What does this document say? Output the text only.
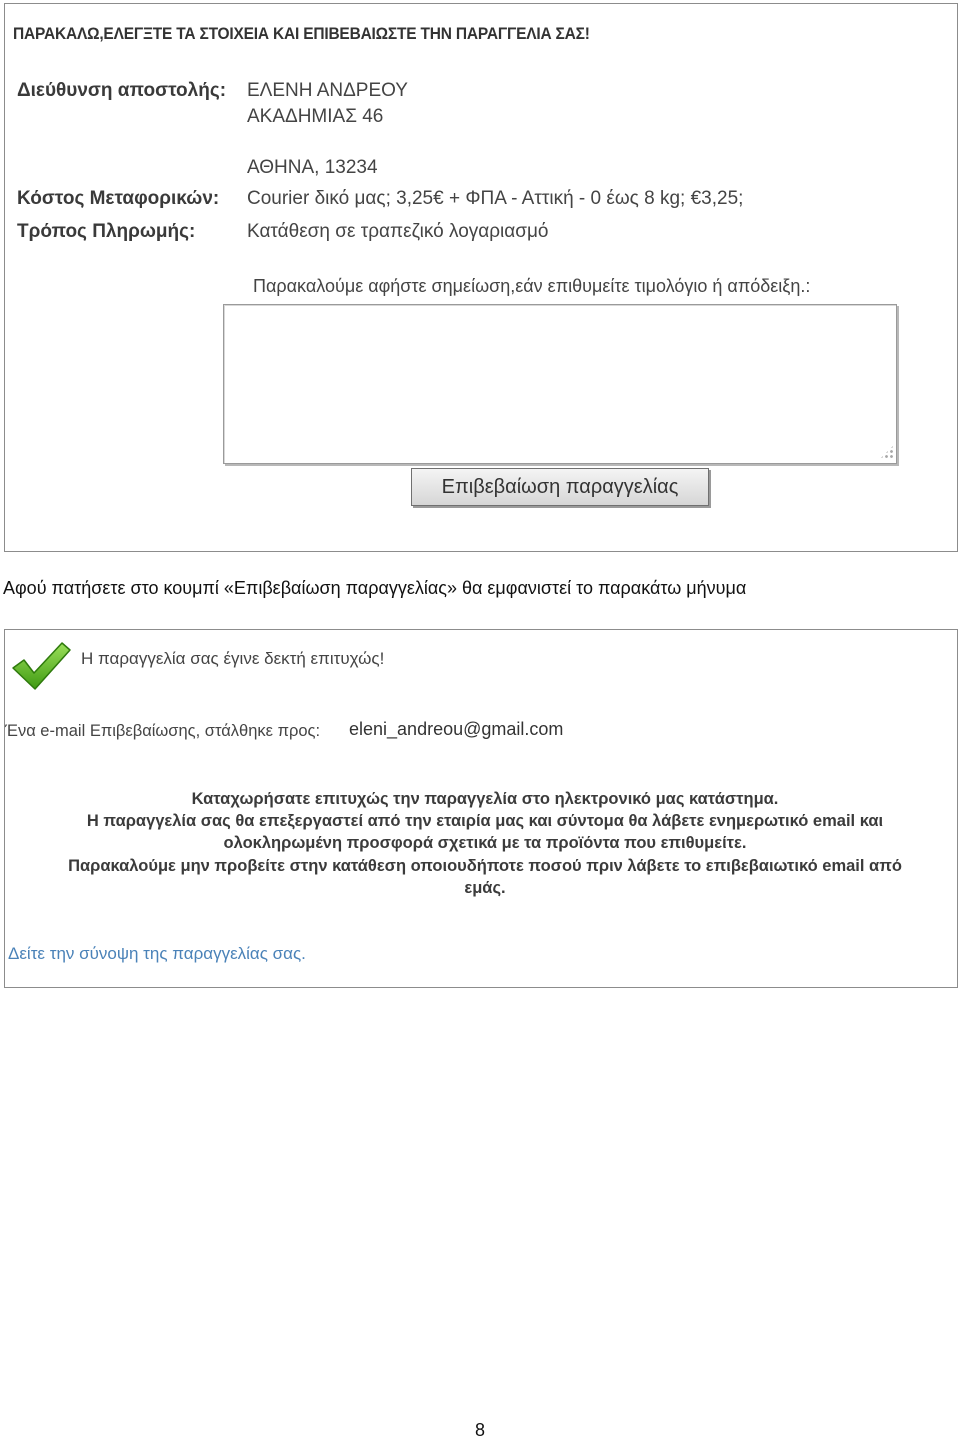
ΠΑΡΑΚΑΛΩ,ΕΛΕΓΞΤΕ ΤΑ ΣΤΟΙΧΕΙΑ ΚΑΙ ΕΠΙΒΕΒΑΙΩΣΤΕ ΤΗΝ ΠΑΡΑΓΓΕΛΙΑ ΣΑΣ!
Διεύθυνση αποστολής: ΕΛΕΝΗ ΑΝΔΡΕΟΥ
ΑΚΑΔΗΜΙΑΣ 46
ΑΘΗΝΑ, 13234
Κόστος Μεταφορικών: Courier δικό μας; 3,25€ + ΦΠΑ - Αττική - 0 έως 8 kg; €3,25;
Τρόπος Πληρωμής:	Κατάθεση σε τραπεζικό λογαριασμό
Παρακαλούμε αφήστε σημείωση,εάν επιθυμείτε τιμολόγιο ή απόδειξη.:
Επιβεβαίωση παραγγελίας
Αφού πατήσετε στο κουμπί «Επιβεβαίωση παραγγελίας» θα εμφανιστεί το παρακάτω μήνυμα
Η παραγγελία σας έγινε δεκτή επιτυχώς!
Ένα e-mail Επιβεβαίωσης, στάλθηκε προς: eleni_andreou@gmail.com
Καταχωρήσατε επιτυχώς την παραγγελία στο ηλεκτρονικό μας κατάστημα.
Η παραγγελία σας θα επεξεργαστεί από την εταιρία μας και σύντομα θα λάβετε ενημερωτικό email και
ολοκληρωμένη προσφορά σχετικά με τα προϊόντα που επιθυμείτε.
Παρακαλούμε μην προβείτε στην κατάθεση οποιουδήποτε ποσού πριν λάβετε το επιβεβαιωτικό email από
εμάς.
Δείτε την σύνοψη της παραγγελίας σας.
8
